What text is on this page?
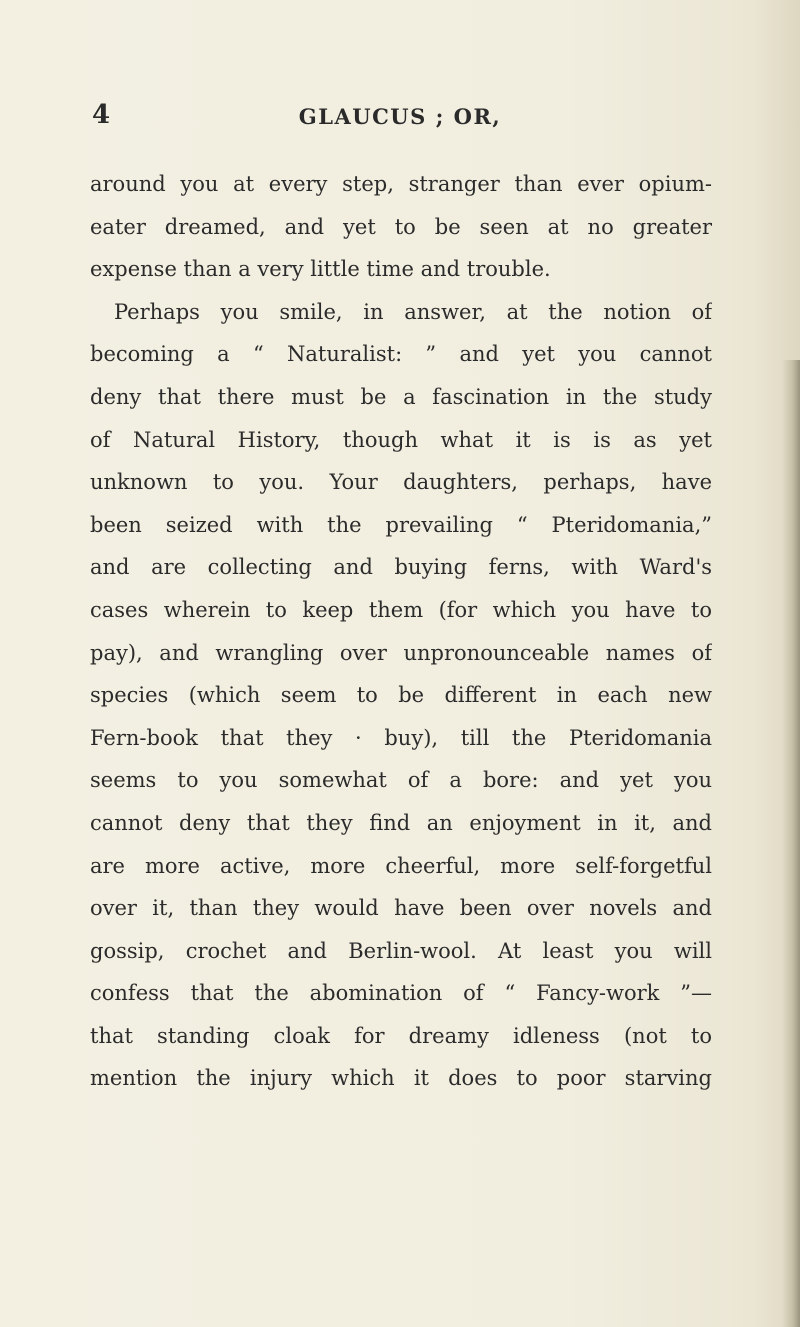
4	GLAUCUS ; OR,
around you at every step, stranger than ever opium-
eater dreamed, and yet to be seen at no greater
expense than a very little time and trouble.
Perhaps you smile, in answer, at the notion of
becoming a “ Naturalist: ” and yet you cannot
deny that there must be a fascination in the study
of Natural History, though what it is is as yet
unknown to you. Your daughters, perhaps, have
been seized with the prevailing “ Pteridomania,”
and are collecting and buying ferns, with Ward's
cases wherein to keep them (for which you have to
pay), and wrangling over unpronounceable names of
species (which seem to be different in each new
Fern-book that they · buy), till the Pteridomania
seems to you somewhat of a bore: and yet you
cannot deny that they find an enjoyment in it, and
are more active, more cheerful, more self-forgetful
over it, than they would have been over novels and
gossip, crochet and Berlin-wool. At least you will
confess that the abomination of “ Fancy-work ”—
that standing cloak for dreamy idleness (not to
mention the injury which it does to poor starving
